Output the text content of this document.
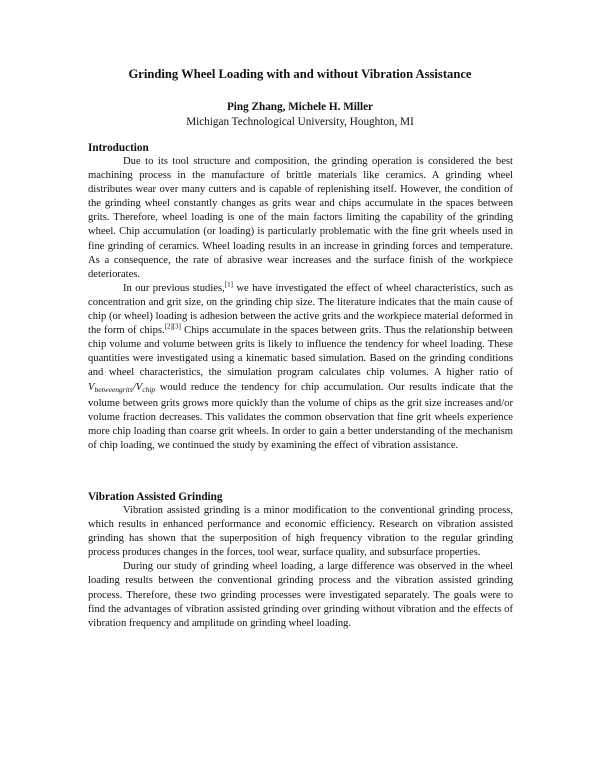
Grinding Wheel Loading with and without Vibration Assistance
Ping Zhang, Michele H. Miller
Michigan Technological University, Houghton, MI

Introduction

Due to its tool structure and composition, the grinding operation is considered the best machining process in the manufacture of brittle materials like ceramics. A grinding wheel distributes wear over many cutters and is capable of replenishing itself. However, the condition of the grinding wheel constantly changes as grits wear and chips accumulate in the spaces between grits. Therefore, wheel loading is one of the main factors limiting the capability of the grinding wheel. Chip accumulation (or loading) is particularly problematic with the fine grit wheels used in fine grinding of ceramics. Wheel loading results in an increase in grinding forces and temperature. As a consequence, the rate of abrasive wear increases and the surface finish of the workpiece deteriorates.

In our previous studies,[1] we have investigated the effect of wheel characteristics, such as concentration and grit size, on the grinding chip size. The literature indicates that the main cause of chip (or wheel) loading is adhesion between the active grits and the workpiece material deformed in the form of chips.[2][3] Chips accumulate in the spaces between grits. Thus the relationship between chip volume and volume between grits is likely to influence the tendency for wheel loading. These quantities were investigated using a kinematic based simulation. Based on the grinding conditions and wheel characteristics, the simulation program calculates chip volumes. A higher ratio of $V_{betweengrits}/V_{chip}$ would reduce the tendency for chip accumulation. Our results indicate that the volume between grits grows more quickly than the volume of chips as the grit size increases and/or volume fraction decreases. This validates the common observation that fine grit wheels experience more chip loading than coarse grit wheels. In order to gain a better understanding of the mechanism of chip loading, we continued the study by examining the effect of vibration assistance.

Vibration Assisted Grinding

Vibration assisted grinding is a minor modification to the conventional grinding process, which results in enhanced performance and economic efficiency. Research on vibration assisted grinding has shown that the superposition of high frequency vibration to the regular grinding process produces changes in the forces, tool wear, surface quality, and subsurface properties.

During our study of grinding wheel loading, a large difference was observed in the wheel loading results between the conventional grinding process and the vibration assisted grinding process. Therefore, these two grinding processes were investigated separately. The goals were to find the advantages of vibration assisted grinding over grinding without vibration and the effects of vibration frequency and amplitude on grinding wheel loading.
